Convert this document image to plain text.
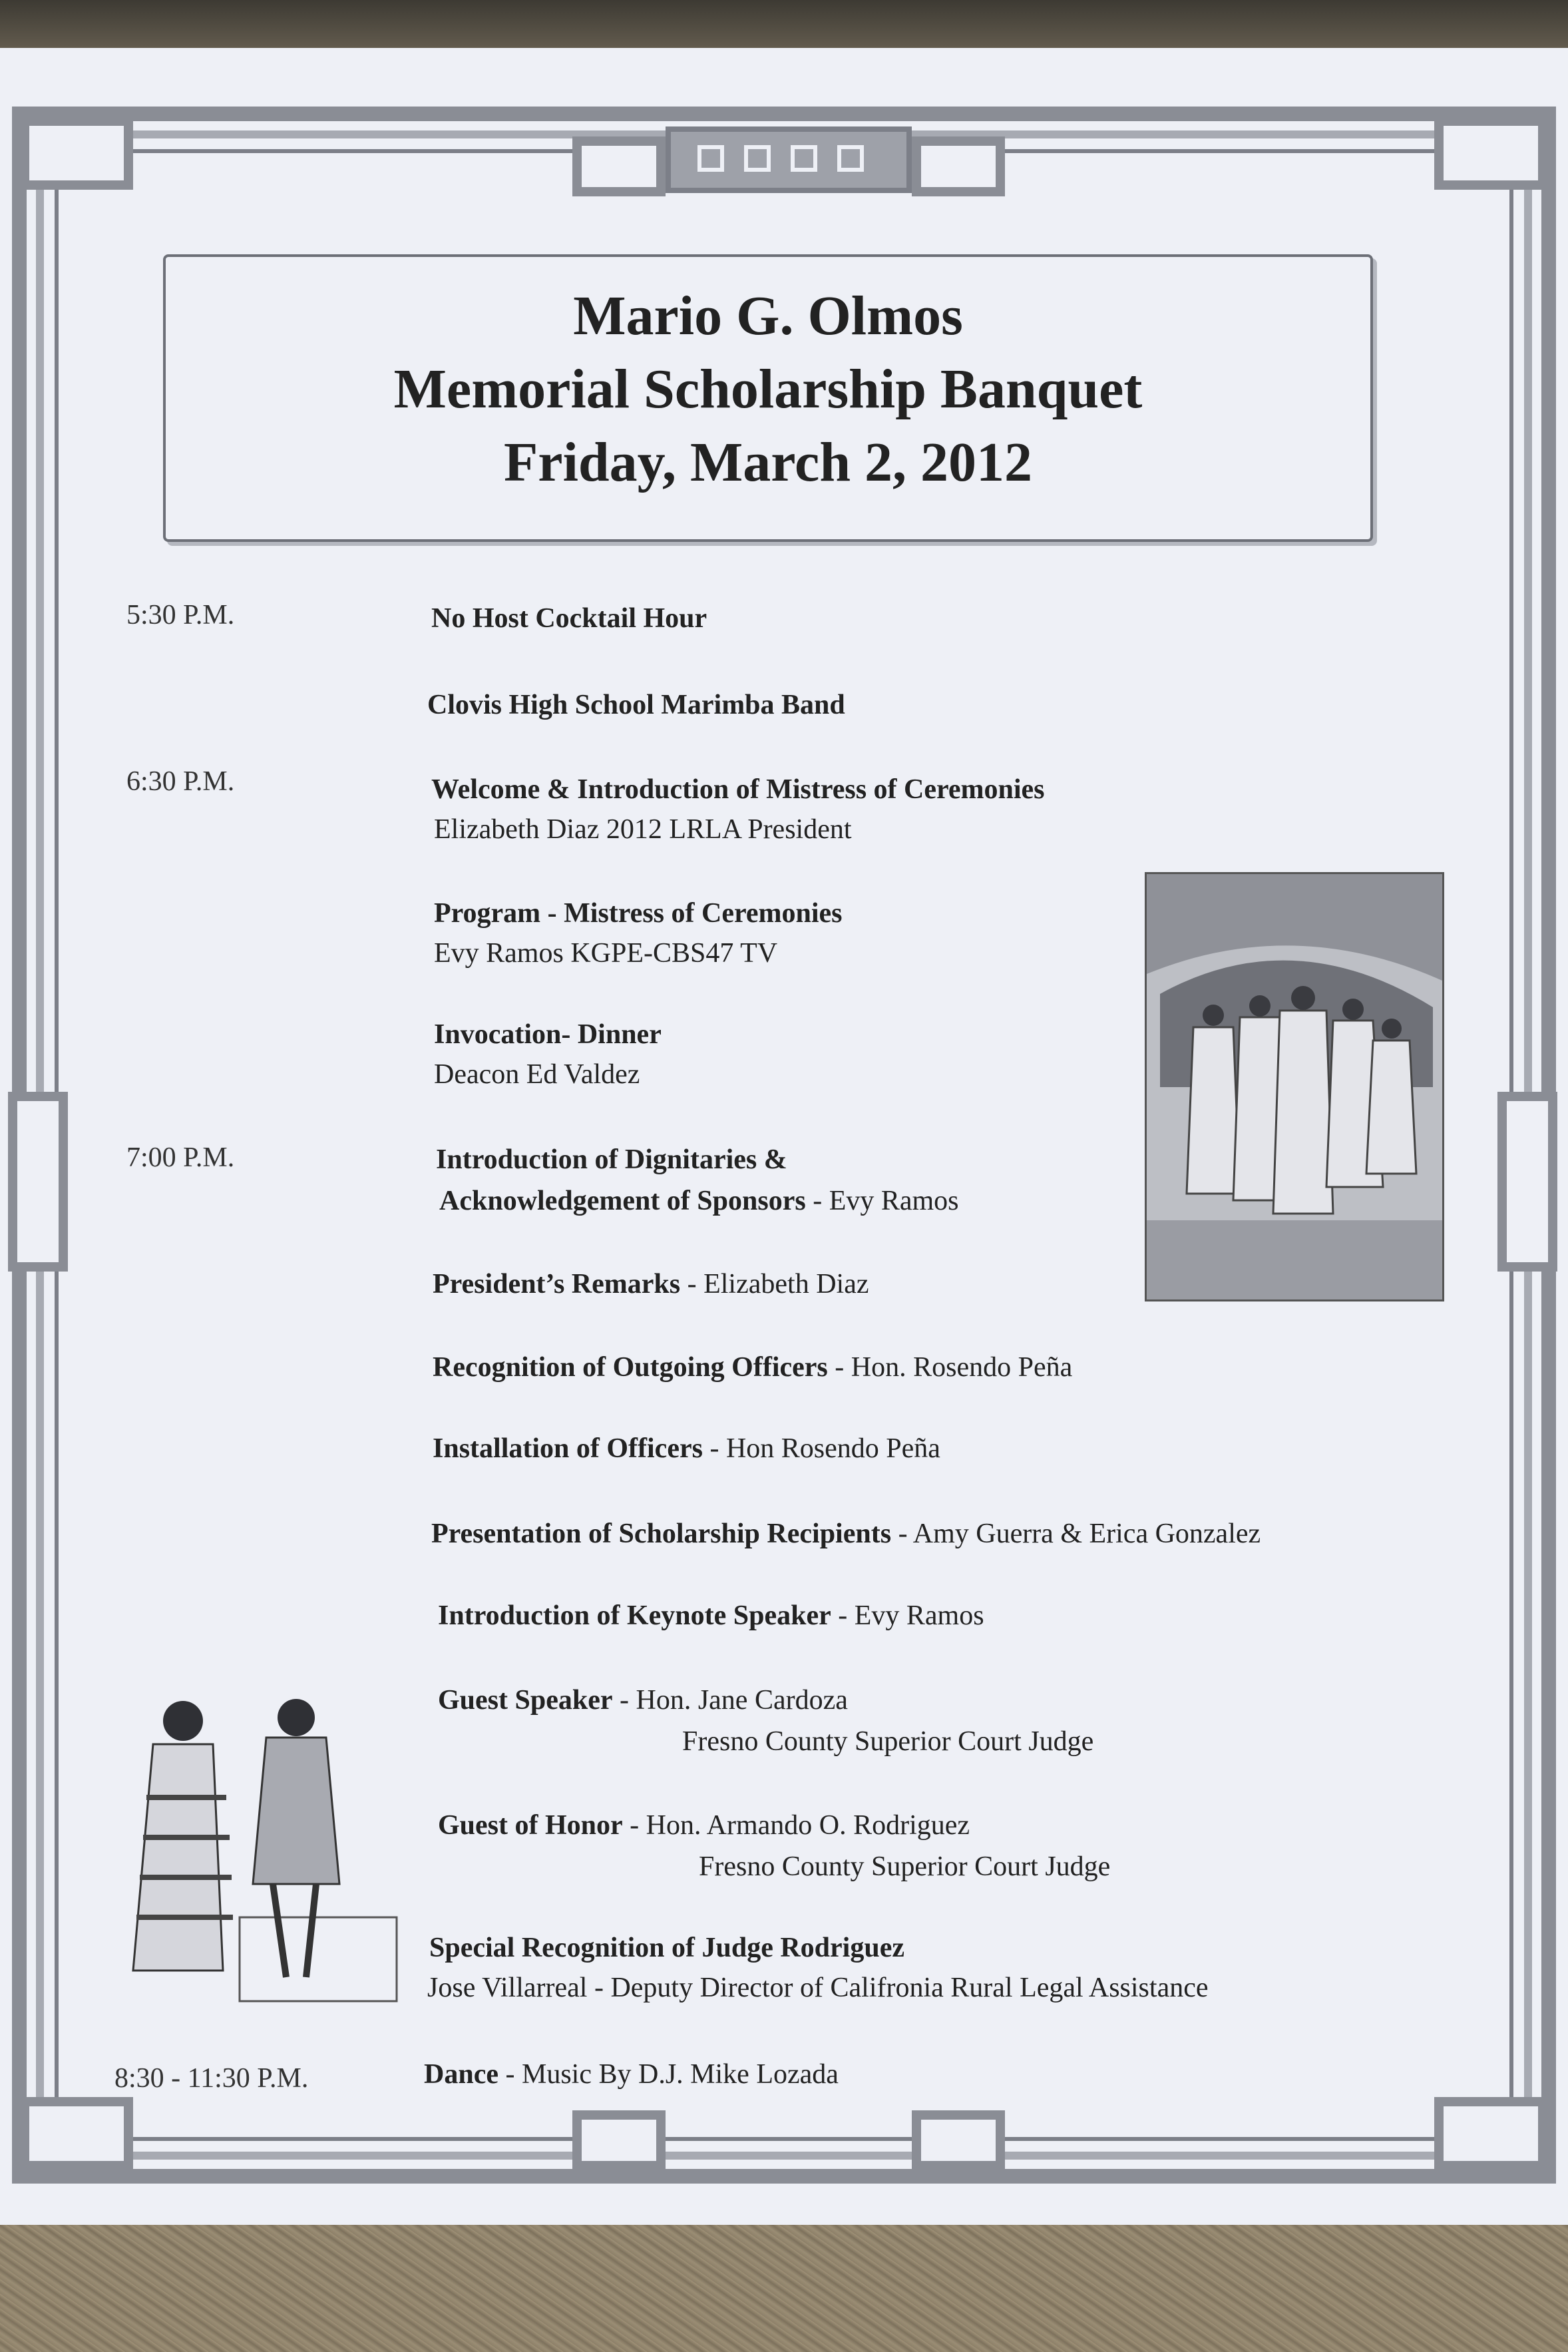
Mario G. Olmos
Memorial Scholarship Banquet
Friday, March 2, 2012
5:30 P.M.	No Host Cocktail Hour
Clovis High School Marimba Band
6:30 P.M.	Welcome & Introduction of Mistress of Ceremonies
Elizabeth Diaz 2012 LRLA President
Program - Mistress of Ceremonies
Evy Ramos KGPE-CBS47 TV
Invocation- Dinner
Deacon Ed Valdez
7:00 P.M.	Introduction of Dignitaries &
Acknowledgement of Sponsors - Evy Ramos
President’s Remarks - Elizabeth Diaz
Recognition of Outgoing Officers - Hon. Rosendo Peña
Installation of Officers - Hon Rosendo Peña
Presentation of Scholarship Recipients - Amy Guerra & Erica Gonzalez
Introduction of Keynote Speaker - Evy Ramos
Guest Speaker - Hon. Jane Cardoza
Fresno County Superior Court Judge
Guest of Honor - Hon. Armando O. Rodriguez
Fresno County Superior Court Judge
Special Recognition of Judge Rodriguez
Jose Villarreal - Deputy Director of Califronia Rural Legal Assistance
8:30 - 11:30 P.M.	Dance - Music By D.J. Mike Lozada
